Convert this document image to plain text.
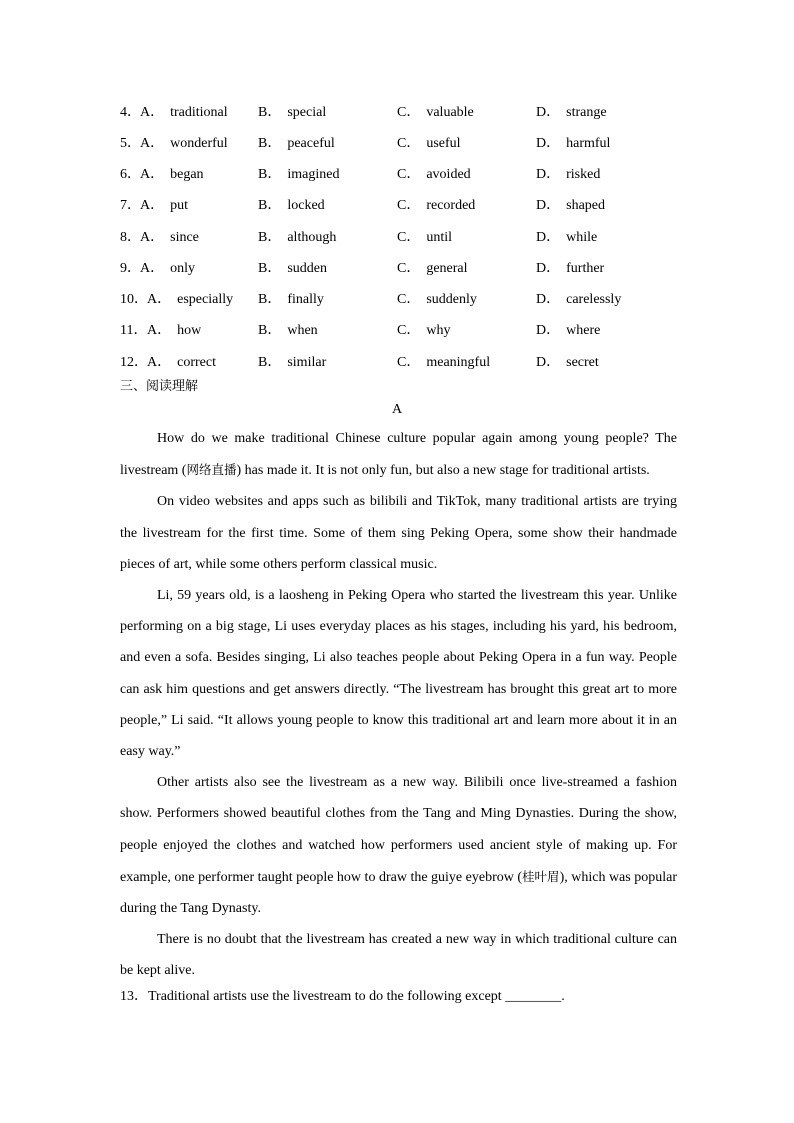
4． A． traditional B． special	C． valuable	D． strange
5． A． wonderful B． peaceful	C． useful	D． harmful
6． A． began	B． imagined	C． avoided	D． risked
7． A． put	B． locked	C． recorded	D． shaped
8． A． since	B． although	C． until	D． while
9． A． only	B． sudden	C． general	D． further
10． A． especially B． finally	C． suddenly	D． carelessly
11． A． how	B． when	C． why	D． where
12． A． correct	B． similar	C． meaningful	D． secret
三、阅读理解
A

How do we make traditional Chinese culture popular again among young people? The livestream (网络直播) has made it. It is not only fun, but also a new stage for traditional artists.

On video websites and apps such as bilibili and TikTok, many traditional artists are trying the livestream for the first time. Some of them sing Peking Opera, some show their handmade pieces of art, while some others perform classical music.

Li, 59 years old, is a laosheng in Peking Opera who started the livestream this year. Unlike performing on a big stage, Li uses everyday places as his stages, including his yard, his bedroom, and even a sofa. Besides singing, Li also teaches people about Peking Opera in a fun way. People can ask him questions and get answers directly. “The livestream has brought this great art to more people,” Li said. “It allows young people to know this traditional art and learn more about it in an easy way.”

Other artists also see the livestream as a new way. Bilibili once live-streamed a fashion show. Performers showed beautiful clothes from the Tang and Ming Dynasties. During the show, people enjoyed the clothes and watched how performers used ancient style of making up. For example, one performer taught people how to draw the guiye eyebrow (桂叶眉), which was popular during the Tang Dynasty.

There is no doubt that the livestream has created a new way in which traditional culture can be kept alive.

13．Traditional artists use the livestream to do the following except ________.
